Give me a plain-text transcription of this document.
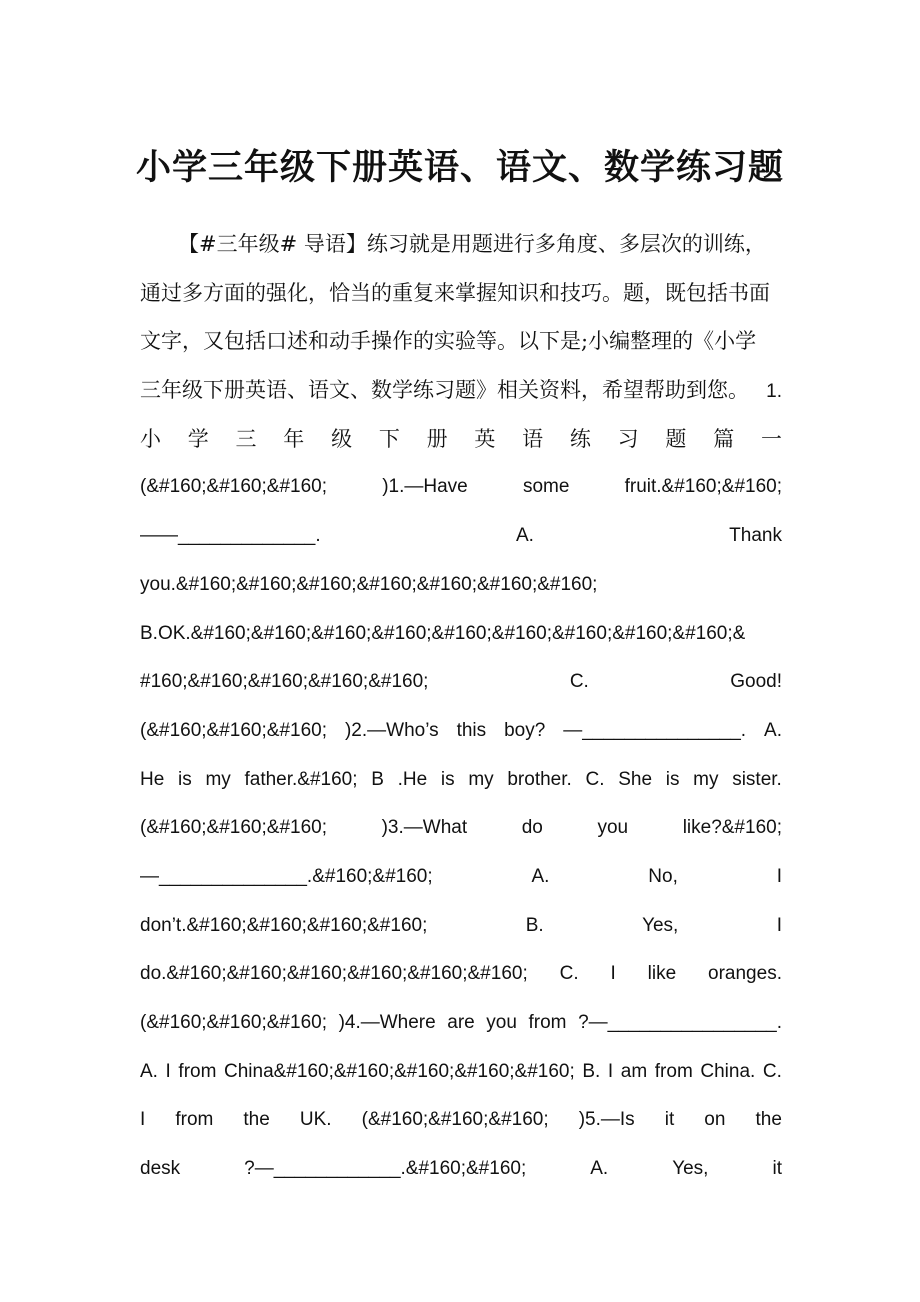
小学三年级下册英语、语文、数学练习题
【#三年级# 导语】练习就是用题进行多角度、多层次的训练，
通过多方面的强化，恰当的重复来掌握知识和技巧。题，既包括书面
文字，又包括口述和动手操作的实验等。以下是;小编整理的《小学
三年级下册英语、语文、数学练习题》相关资料，希望帮助到您。 1.
小 学 三 年 级 下 册 英 语 练 习 题 篇 一
(&#160;&#160;&#160;	)1.—Have	some	fruit.&#160;&#160;
——_____________.	A.	Thank
you.&#160;&#160;&#160;&#160;&#160;&#160;&#160;
B.OK.&#160;&#160;&#160;&#160;&#160;&#160;&#160;&#160;&#160;&
#160;&#160;&#160;&#160;&#160;	C.	Good!
(&#160;&#160;&#160; )2.—Who’s this boy? —_______________. A.
He is my father.&#160; B .He is my brother. C. She is my sister.
(&#160;&#160;&#160;	)3.—What	do	you	like?&#160;
—______________.&#160;&#160;	A.	No,	I
don’t.&#160;&#160;&#160;&#160;	B.	Yes,	I
do.&#160;&#160;&#160;&#160;&#160;&#160; C. I like oranges.
(&#160;&#160;&#160; )4.—Where are you from ?—________________.
A. I from China&#160;&#160;&#160;&#160;&#160; B. I am from China. C.
I from the UK. (&#160;&#160;&#160; )5.—Is it on the
desk	?—____________.&#160;&#160;	A.	Yes,	it
